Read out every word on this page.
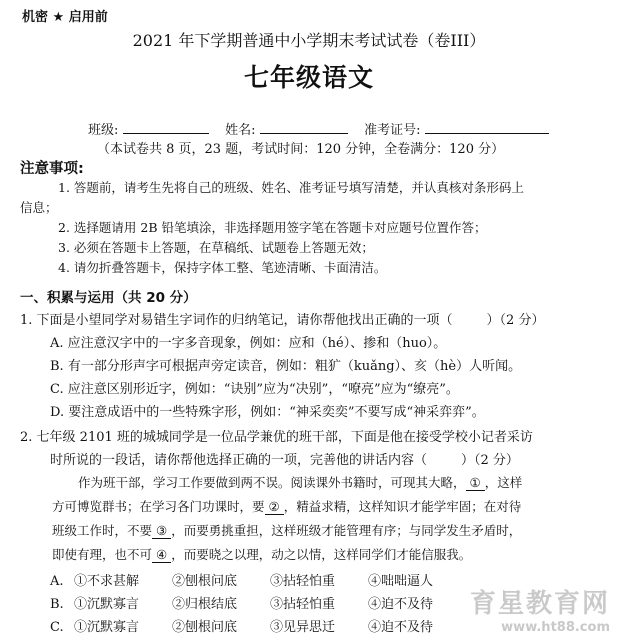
机密 ★ 启用前
2021 年下学期普通中小学期末考试试卷（卷III）
七年级语文
班级:	姓名:	准考证号:
（本试卷共 8 页，23 题，考试时间：120 分钟，全卷满分：120 分）
注意事项:
1. 答题前，请考生先将自己的班级、姓名、准考证号填写清楚，并认真核对条形码上
信息；
2. 选择题请用 2B 铅笔填涂，非选择题用签字笔在答题卡对应题号位置作答；
3. 必须在答题卡上答题，在草稿纸、试题卷上答题无效；
4. 请勿折叠答题卡，保持字体工整、笔迹清晰、卡面清洁。
一、积累与运用（共 20 分）
1. 下面是小望同学对易错生字词作的归纳笔记，请你帮他找出正确的一项（	）（2 分）
A. 应注意汉字中的一字多音现象，例如：应和（hé）、掺和（huo）。
B. 有一部分形声字可根据声旁定读音，例如：粗犷（kuǎng）、亥（hè）人听闻。
C. 应注意区别形近字，例如：“诀别”应为“决别”，“嘹亮”应为“缭亮”。
D. 要注意成语中的一些特殊字形，例如：“神采奕奕”不要写成“神采弈弈”。
2. 七年级 2101 班的城城同学是一位品学兼优的班干部，下面是他在接受学校小记者采访
时所说的一段话，请你帮他选择正确的一项，完善他的讲话内容（	）（2 分）
作为班干部，学习工作要做到两不误。阅读课外书籍时，可现其大略， ① ，这样
方可博览群书；在学习各门功课时，要 ② ，精益求精，这样知识才能学牢固；在对待
班级工作时，不要 ③ ，而要勇挑重担，这样班级才能管理有序；与同学发生矛盾时，
即使有理，也不可 ④ ，而要晓之以理，动之以情，这样同学们才能信服我。
A. ①不求甚解	②刨根问底	③拈轻怕重	④咄咄逼人
B. ①沉默寡言	②归根结底	③拈轻怕重	④迫不及待
C. ①沉默寡言	②刨根问底	③见异思迁	④迫不及待
育星教育网
www.ht88.com
